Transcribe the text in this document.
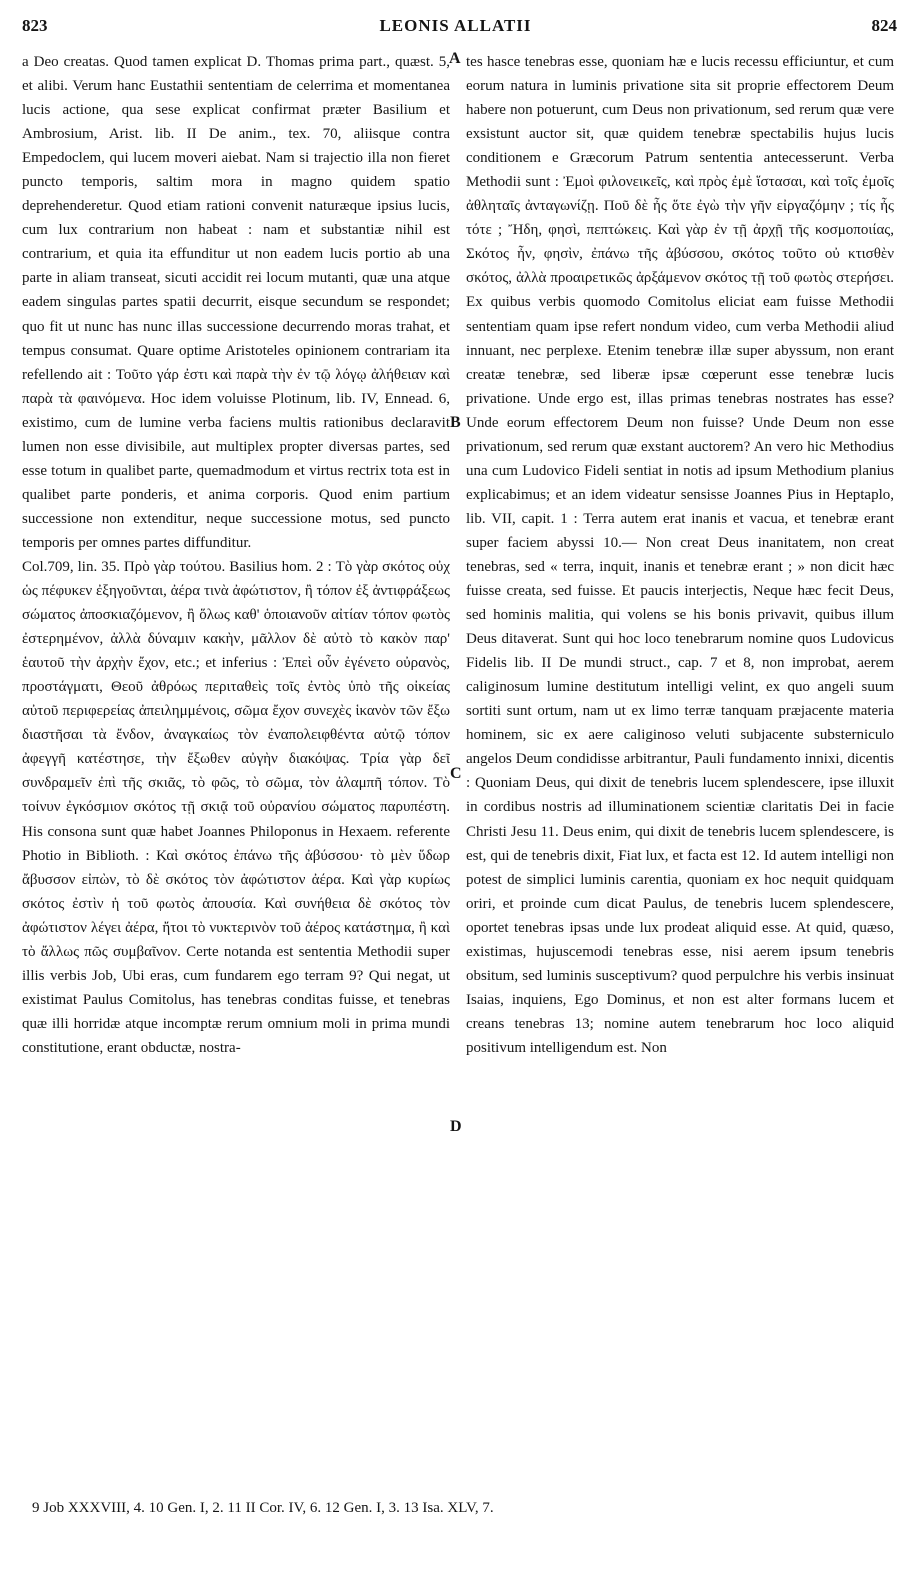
823	LEONIS ALLATII	824

a Deo creatas. Quod tamen explicat D. Thomas prima part., quæst. 5, et alibi. Verum hanc Eustathii sententiam de celerrima et momentanea lucis actione, qua sese explicat confirmat præter Basilium et Ambrosium, Arist. lib. II De anim., tex. 70, aliisque contra Empedoclem, qui lucem moveri aiebat. Nam si trajectio illa non fieret puncto temporis, saltim mora in magno quidem spatio deprehenderetur. Quod etiam rationi convenit naturæque ipsius lucis, cum lux contrarium non habeat : nam et substantiæ nihil est contrarium, et quia ita effunditur ut non eadem lucis portio ab una parte in aliam transeat, sicuti accidit rei locum mutanti, quæ una atque eadem singulas partes spatii decurrit, eisque secundum se respondet; quo fit ut nunc has nunc illas successione decurrendo moras trahat, et tempus consumat. Quare optime Aristoteles opinionem contrariam ita refellendo ait : Τοῦτο γάρ ἐστι καὶ παρὰ τὴν ἐν τῷ λόγῳ ἀλήθειαν καὶ παρὰ τὰ φαινόμενα. Hoc idem voluisse Plotinum, lib. IV, Ennead. 6, existimo, cum de lumine verba faciens multis rationibus declaravit lumen non esse divisibile, aut multiplex propter diversas partes, sed esse totum in qualibet parte, quemadmodum et virtus rectrix tota est in qualibet parte ponderis, et anima corporis. Quod enim partium successione non extenditur, neque successione motus, sed puncto temporis per omnes partes diffunditur.

Col.709, lin. 35. Πρὸ γὰρ τούτου. Basilius hom. 2 : Τὸ γὰρ σκότος οὐχ ὡς πέφυκεν ἐξηγοῦνται, ἀέρα τινὰ ἀφώτιστον, ἢ τόπον ἐξ ἀντιφράξεως σώματος ἀποσκιαζόμενον, ἢ ὅλως καθ' ὁποιανοῦν αἰτίαν τόπον φωτὸς ἐστερημένον, ἀλλὰ δύναμιν κακὴν, μᾶλλον δὲ αὐτὸ τὸ κακὸν παρ' ἑαυτοῦ τὴν ἀρχὴν ἔχον, etc.; et inferius : Ἐπεὶ οὖν ἐγένετο οὐρανὸς, προστάγματι, Θεοῦ ἀθρόως περιταθεὶς τοῖς ἐντὸς ὑπὸ τῆς οἰκείας αὐτοῦ περιφερείας ἀπειλημμένοις, σῶμα ἔχον συνεχὲς ἱκανὸν τῶν ἔξω διαστῆσαι τὰ ἔνδον, ἀναγκαίως τὸν ἐναπολειφθέντα αὐτῷ τόπον ἀφεγγῆ κατέστησε, τὴν ἔξωθεν αὐγὴν διακόψας. Τρία γὰρ δεῖ συνδραμεῖν ἐπὶ τῆς σκιᾶς, τὸ φῶς, τὸ σῶμα, τὸν ἀλαμπῆ τόπον. Τὸ τοίνυν ἐγκόσμιον σκότος τῇ σκιᾷ τοῦ οὐρανίου σώματος παρυπέστη. His consona sunt quæ habet Joannes Philoponus in Hexaem. referente Photio in Biblioth. : Καὶ σκότος ἐπάνω τῆς ἀβύσσου· τὸ μὲν ὕδωρ ἄβυσσον εἰπὼν, τὸ δὲ σκότος τὸν ἀφώτιστον ἀέρα. Καὶ γὰρ κυρίως σκότος ἐστὶν ἡ τοῦ φωτὸς ἀπουσία. Καὶ συνήθεια δὲ σκότος τὸν ἀφώτιστον λέγει ἀέρα, ἤτοι τὸ νυκτερινὸν τοῦ ἀέρος κατάστημα, ἢ καὶ τὸ ἄλλως πῶς συμβαῖνον. Certe notanda est sententia Methodii super illis verbis Job, Ubi eras, cum fundarem ego terram 9? Qui negat, ut existimat Paulus Comitolus, has tenebras conditas fuisse, et tenebras quæ illi horridæ atque incomptæ rerum omnium moli in prima mundi constitutione, erant obductæ, nostra-

A
B
C
D

tes hasce tenebras esse, quoniam hæ e lucis recessu efficiuntur, et cum eorum natura in luminis privatione sita sit proprie effectorem Deum habere non potuerunt, cum Deus non privationum, sed rerum quæ vere exsistunt auctor sit, quæ quidem tenebræ spectabilis hujus lucis conditionem e Græcorum Patrum sententia antecesserunt. Verba Methodii sunt : Ἐμοὶ φιλονεικεῖς, καὶ πρὸς ἐμὲ ἵστασαι, καὶ τοῖς ἐμοῖς ἀθληταῖς ἀνταγωνίζῃ. Ποῦ δὲ ἦς ὅτε ἐγὼ τὴν γῆν εἰργαζόμην ; τίς ἦς τότε ; Ἤδη, φησὶ, πεπτώκεις. Καὶ γὰρ ἐν τῇ ἀρχῇ τῆς κοσμοποιίας, Σκότος ἦν, φησὶν, ἐπάνω τῆς ἀβύσσου, σκότος τοῦτο οὐ κτισθὲν σκότος, ἀλλὰ προαιρετικῶς ἀρξάμενον σκότος τῇ τοῦ φωτὸς στερήσει. Ex quibus verbis quomodo Comitolus eliciat eam fuisse Methodii sententiam quam ipse refert nondum video, cum verba Methodii aliud innuant, nec perplexe. Etenim tenebræ illæ super abyssum, non erant creatæ tenebræ, sed liberæ ipsæ cœperunt esse tenebræ lucis privatione. Unde ergo est, illas primas tenebras nostrates has esse? Unde eorum effectorem Deum non fuisse? Unde Deum non esse privationum, sed rerum quæ exstant auctorem? An vero hic Methodius una cum Ludovico Fideli sentiat in notis ad ipsum Methodium planius explicabimus; et an idem videatur sensisse Joannes Pius in Heptaplo, lib. VII, capit. 1 : Terra autem erat inanis et vacua, et tenebræ erant super faciem abyssi 10.— Non creat Deus inanitatem, non creat tenebras, sed « terra, inquit, inanis et tenebræ erant ; » non dicit hæc fuisse creata, sed fuisse. Et paucis interjectis, Neque hæc fecit Deus, sed hominis malitia, qui volens se his bonis privavit, quibus illum Deus ditaverat. Sunt qui hoc loco tenebrarum nomine quos Ludovicus Fidelis lib. II De mundi struct., cap. 7 et 8, non improbat, aerem caliginosum lumine destitutum intelligi velint, ex quo angeli suum sortiti sunt ortum, nam ut ex limo terræ tanquam præjacente materia hominem, sic ex aere caliginoso veluti subjacente substerniculo angelos Deum condidisse arbitrantur, Pauli fundamento innixi, dicentis : Quoniam Deus, qui dixit de tenebris lucem splendescere, ipse illuxit in cordibus nostris ad illuminationem scientiæ claritatis Dei in facie Christi Jesu 11. Deus enim, qui dixit de tenebris lucem splendescere, is est, qui de tenebris dixit, Fiat lux, et facta est 12. Id autem intelligi non potest de simplici luminis carentia, quoniam ex hoc nequit quidquam oriri, et proinde cum dicat Paulus, de tenebris lucem splendescere, oportet tenebras ipsas unde lux prodeat aliquid esse. At quid, quæso, existimas, hujuscemodi tenebras esse, nisi aerem ipsum tenebris obsitum, sed luminis susceptivum? quod perpulchre his verbis insinuat Isaias, inquiens, Ego Dominus, et non est alter formans lucem et creans tenebras 13; nomine autem tenebrarum hoc loco aliquid positivum intelligendum est. Non

9 Job XXXVIII, 4. 10 Gen. I, 2. 11 II Cor. IV, 6. 12 Gen. I, 3. 13 Isa. XLV, 7.
